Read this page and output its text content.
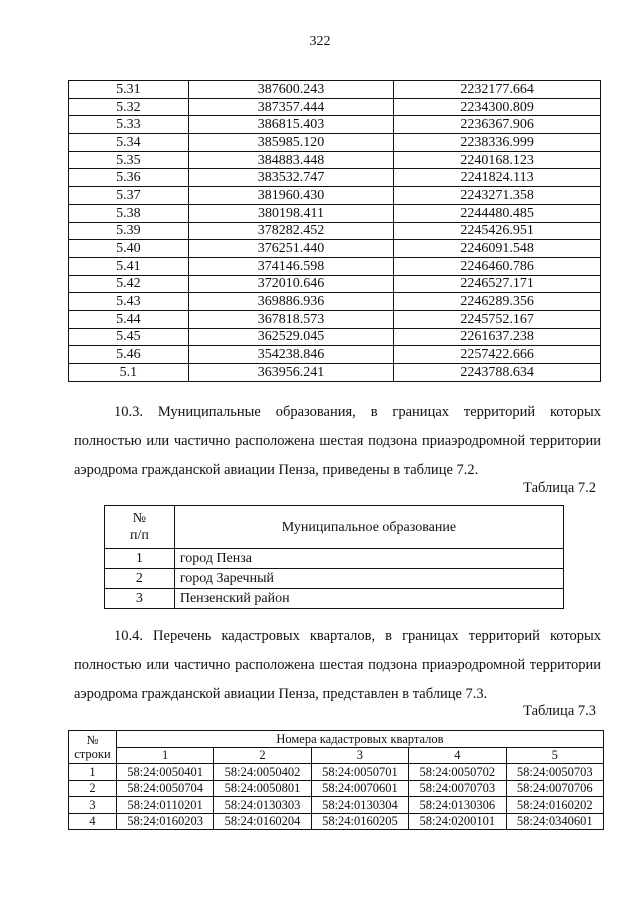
322
5.31	387600.243	2232177.664
5.32	387357.444	2234300.809
5.33	386815.403	2236367.906
5.34	385985.120	2238336.999
5.35	384883.448	2240168.123
5.36	383532.747	2241824.113
5.37	381960.430	2243271.358
5.38	380198.411	2244480.485
5.39	378282.452	2245426.951
5.40	376251.440	2246091.548
5.41	374146.598	2246460.786
5.42	372010.646	2246527.171
5.43	369886.936	2246289.356
5.44	367818.573	2245752.167
5.45	362529.045	2261637.238
5.46	354238.846	2257422.666
5.1	363956.241	2243788.634

10.3. Муниципальные образования, в границах территорий которых полностью или частично расположена шестая подзона приаэродромной территории аэродрома гражданской авиации Пенза, приведены в таблице 7.2.

Таблица 7.2
№
п/п	Муниципальное образование
1	город Пенза
2	город Заречный
3	Пензенский район

10.4. Перечень кадастровых кварталов, в границах территорий которых полностью или частично расположена шестая подзона приаэродромной территории аэродрома гражданской авиации Пенза, представлен в таблице 7.3.

Таблица 7.3
№
строки	Номера кадастровых кварталов				
	1	2	3	4	5
1	58:24:0050401	58:24:0050402	58:24:0050701	58:24:0050702	58:24:0050703
2	58:24:0050704	58:24:0050801	58:24:0070601	58:24:0070703	58:24:0070706
3	58:24:0110201	58:24:0130303	58:24:0130304	58:24:0130306	58:24:0160202
4	58:24:0160203	58:24:0160204	58:24:0160205	58:24:0200101	58:24:0340601
